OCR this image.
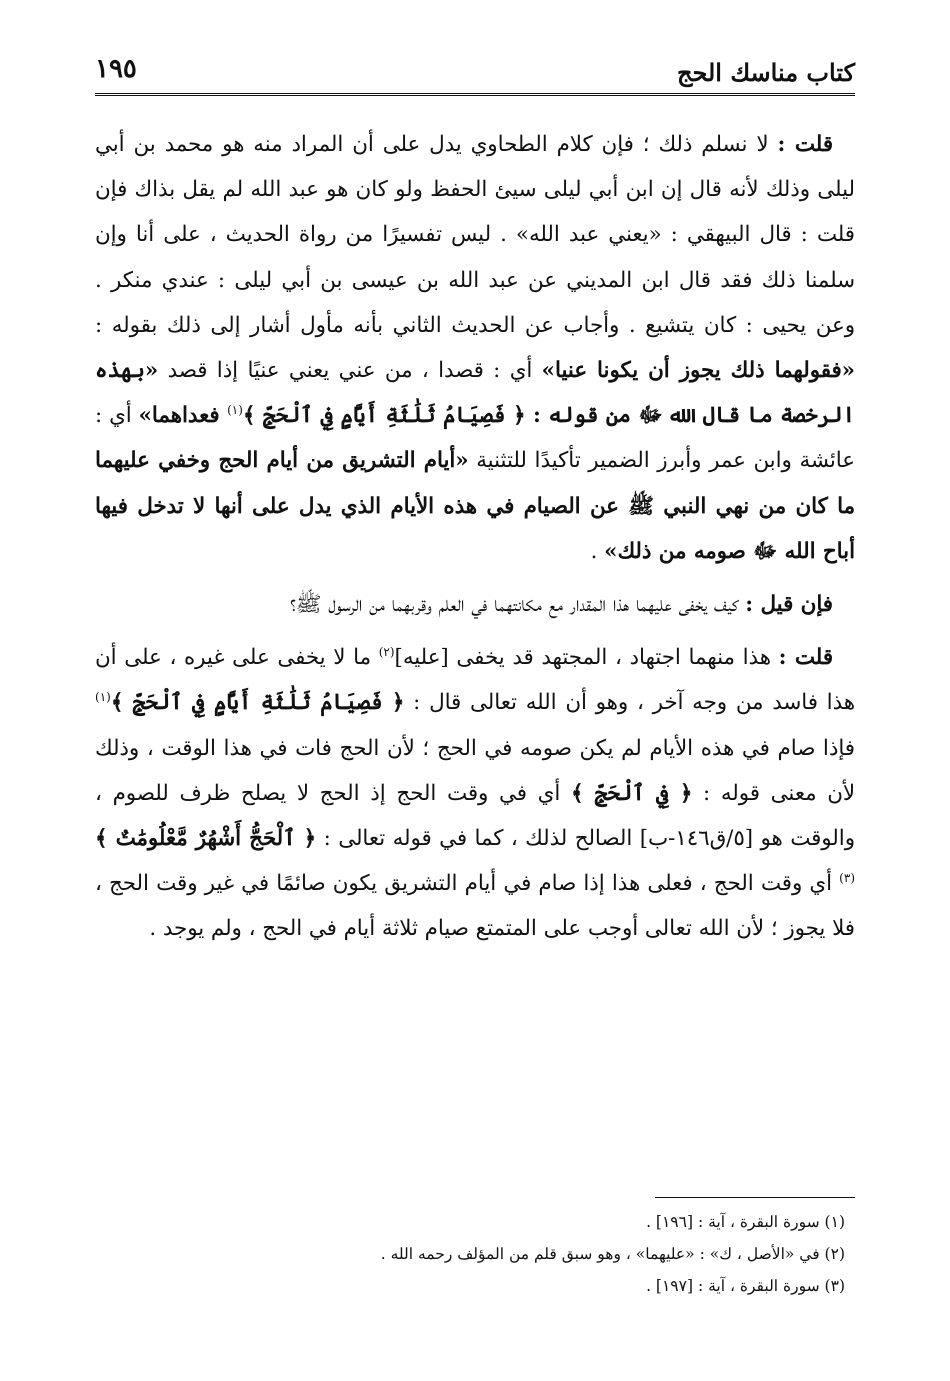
كتاب مناسك الحج
١٩٥

قلت : لا نسلم ذلك ؛ فإن كلام الطحاوي يدل على أن المراد منه هو محمد بن أبي ليلى وذلك لأنه قال إن ابن أبي ليلى سيئ الحفظ ولو كان هو عبد الله لم يقل بذاك فإن قلت : قال البيهقي : «يعني عبد الله» . ليس تفسيرًا من رواة الحديث ، على أنا وإن سلمنا ذلك فقد قال ابن المديني عن عبد الله بن عيسى بن أبي ليلى : عندي منكر . وعن يحيى : كان يتشيع . وأجاب عن الحديث الثاني بأنه مأول أشار إلى ذلك بقوله : «فقولهما ذلك يجوز أن يكونا عنيا» أي : قصدا ، من عني يعني عنيًا إذا قصد «بهذه الرخصة ما قال الله ﷻ من قوله : ﴿ فَصِيَامُ ثَلَٰثَةِ أَيَّامٍ فِي ٱلْحَجِّ ﴾$^{(١)}$ فعداهما» أي : عائشة وابن عمر وأبرز الضمير تأكيدًا للتثنية «أيام التشريق من أيام الحج وخفي عليهما ما كان من نهي النبي ﷺ عن الصيام في هذه الأيام الذي يدل على أنها لا تدخل فيها أباح الله ﷻ صومه من ذلك» .

فإن قيل : كيف يخفى عليهما هذا المقدار مع مكانتهما في العلم وقربهما من الرسول ﷺ؟

قلت : هذا منهما اجتهاد ، المجتهد قد يخفى [عليه]$^{(٢)}$ ما لا يخفى على غيره ، على أن هذا فاسد من وجه آخر ، وهو أن الله تعالى قال : ﴿ فَصِيَامُ ثَلَٰثَةِ أَيَّامٍ فِي ٱلْحَجِّ ﴾$^{(١)}$ فإذا صام في هذه الأيام لم يكن صومه في الحج ؛ لأن الحج فات في هذا الوقت ، وذلك لأن معنى قوله : ﴿ فِي ٱلْحَجِّ ﴾ أي في وقت الحج إذ الحج لا يصلح ظرف للصوم ، والوقت هو [٥/ق١٤٦-ب] الصالح لذلك ، كما في قوله تعالى : ﴿ ٱلْحَجُّ أَشْهُرٌ مَّعْلُومَٰتٌ ﴾$^{(٣)}$ أي وقت الحج ، فعلى هذا إذا صام في أيام التشريق يكون صائمًا في غير وقت الحج ، فلا يجوز ؛ لأن الله تعالى أوجب على المتمتع صيام ثلاثة أيام في الحج ، ولم يوجد .

(١) سورة البقرة ، آية : [١٩٦] .
(٢) في «الأصل ، ك» : «عليهما» ، وهو سبق قلم من المؤلف رحمه الله .
(٣) سورة البقرة ، آية : [١٩٧] .
